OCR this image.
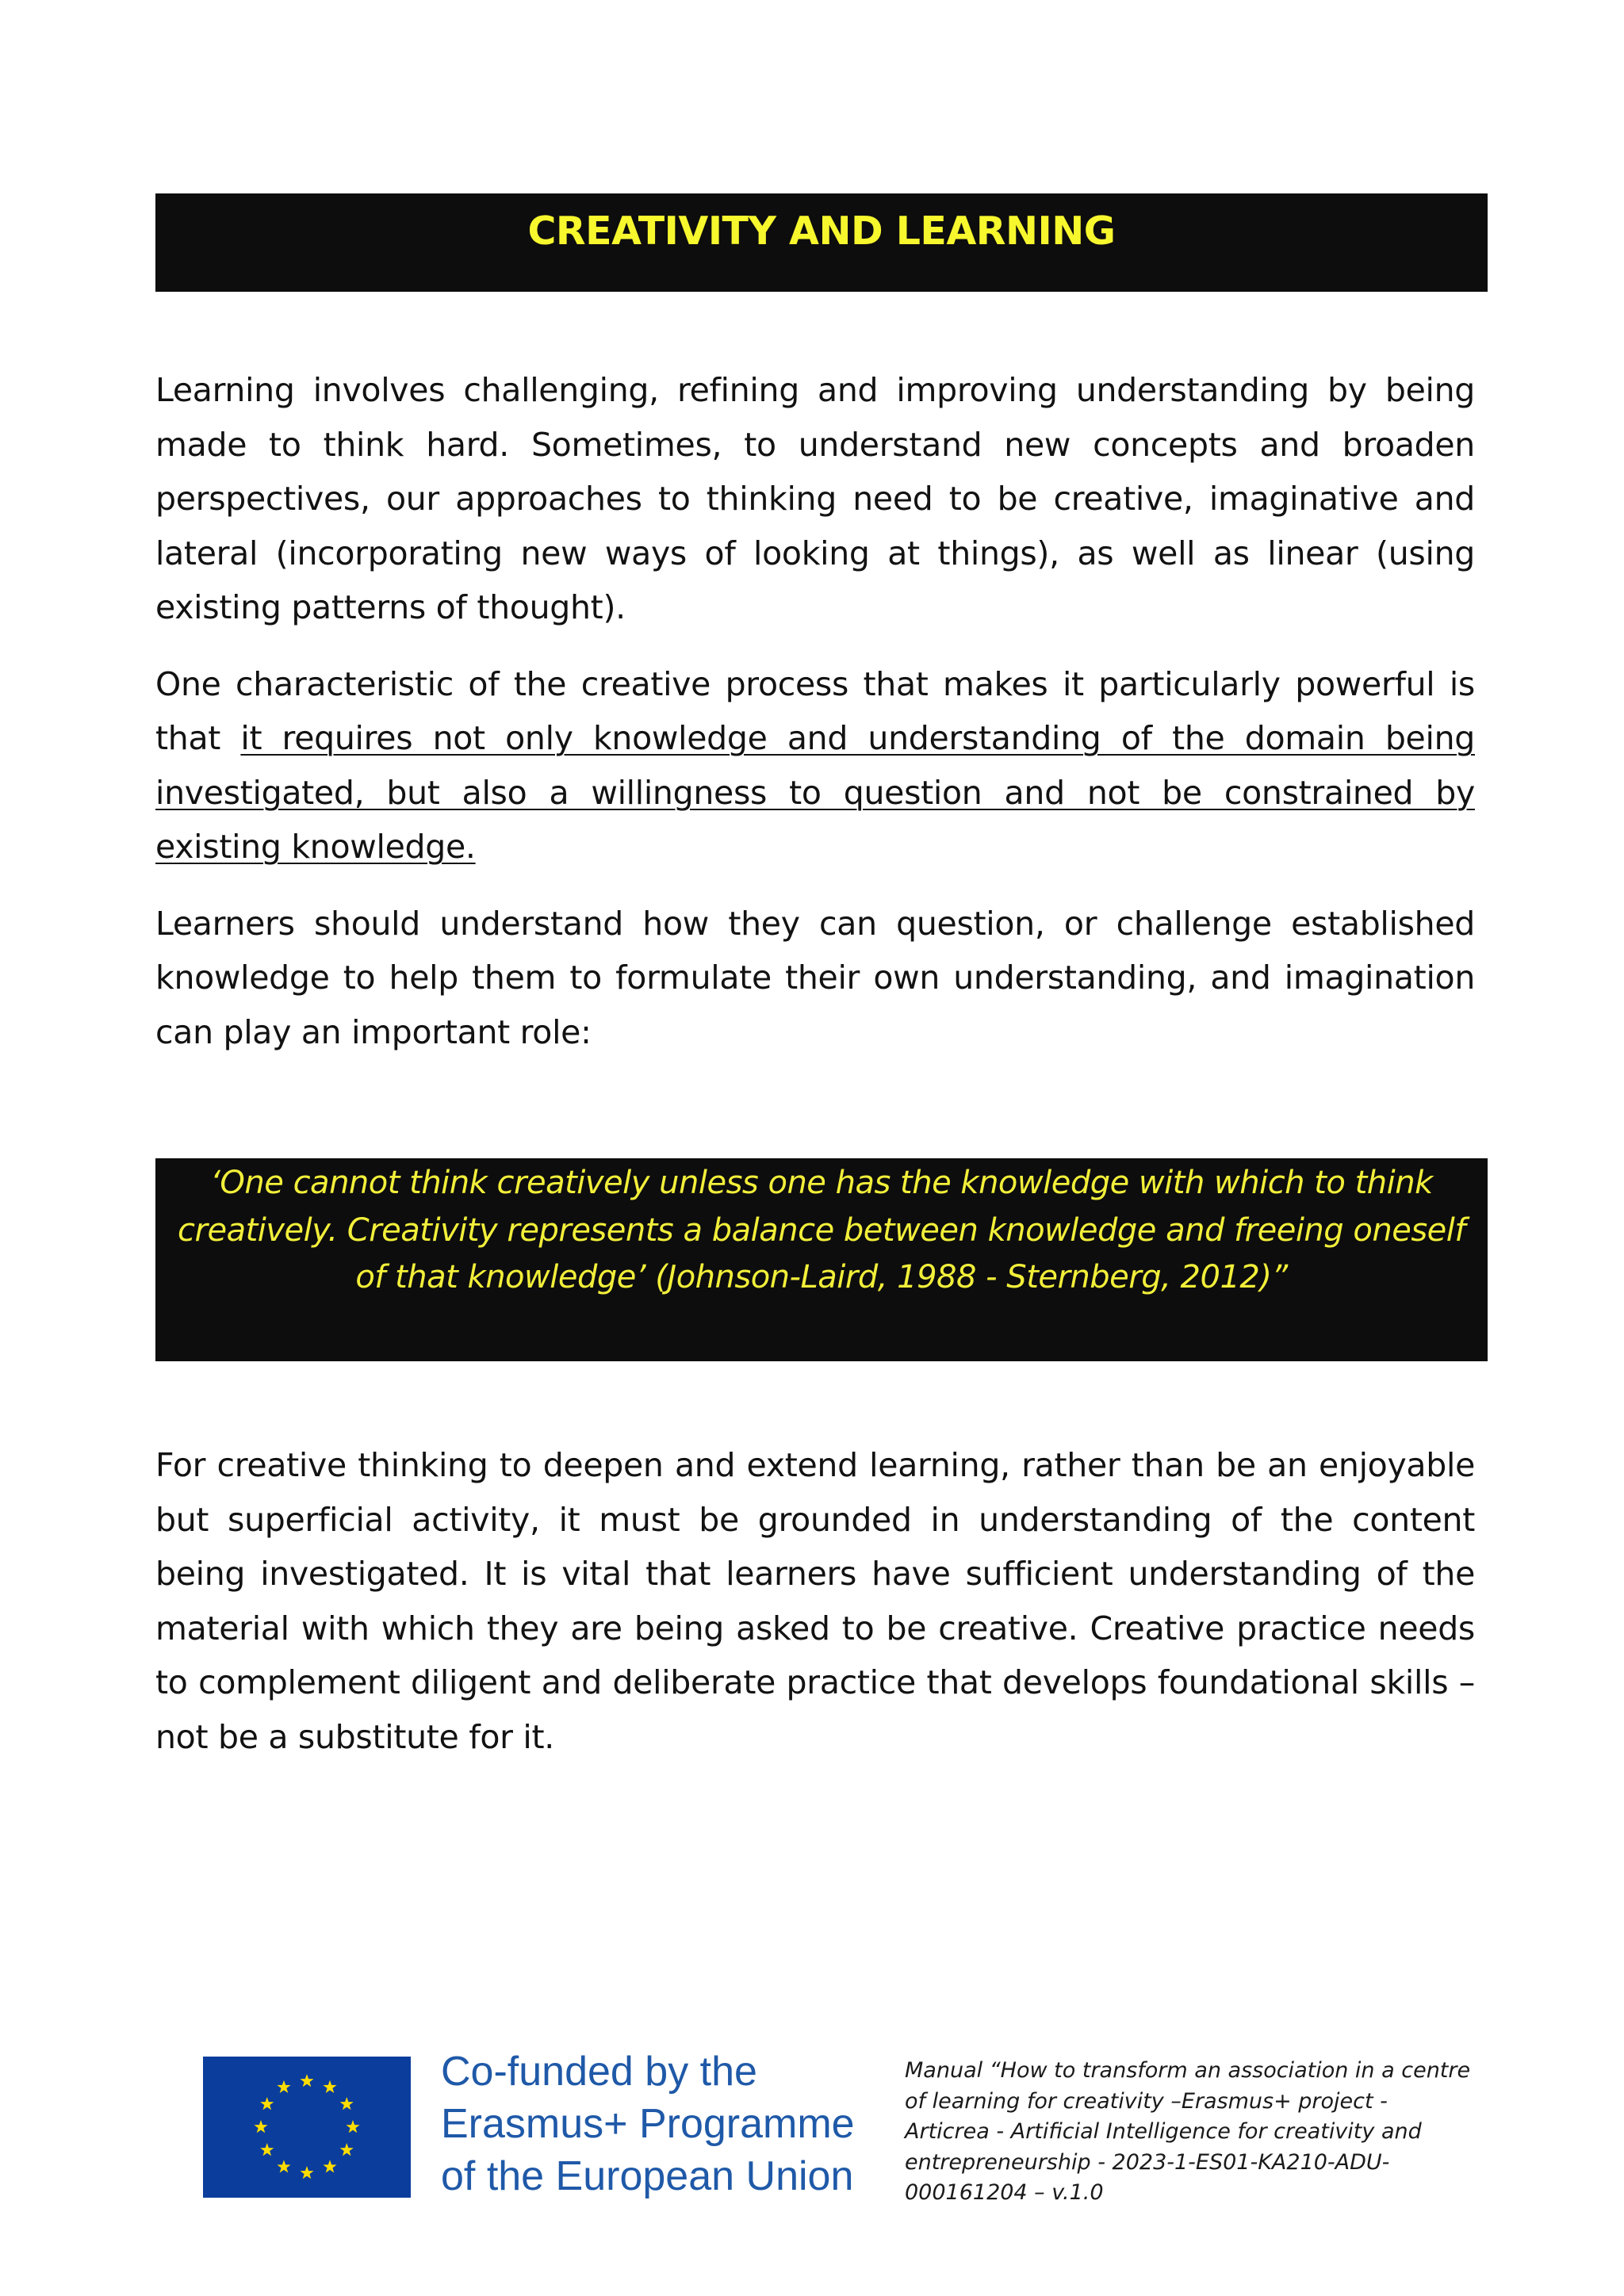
CREATIVITY AND LEARNING

Learning involves challenging, refining and improving understanding by being made to think hard. Sometimes, to understand new concepts and broaden perspectives, our approaches to thinking need to be creative, imaginative and lateral (incorporating new ways of looking at things), as well as linear (using existing patterns of thought).

One characteristic of the creative process that makes it particularly powerful is that it requires not only knowledge and understanding of the domain being investigated, but also a willingness to question and not be constrained by existing knowledge.

Learners should understand how they can question, or challenge established knowledge to help them to formulate their own understanding, and imagination can play an important role:

‘One cannot think creatively unless one has the knowledge with which to think creatively. Creativity represents a balance between knowledge and freeing oneself of that knowledge’ (Johnson-Laird, 1988 - Sternberg, 2012)”

For creative thinking to deepen and extend learning, rather than be an enjoyable but superficial activity, it must be grounded in understanding of the content being investigated. It is vital that learners have sufficient understanding of the material with which they are being asked to be creative. Creative practice needs to complement diligent and deliberate practice that develops foundational skills – not be a substitute for it.

Co-funded by the
Erasmus+ Programme
of the European Union
Manual “How to transform an association in a centre of learning for creativity –Erasmus+ project - Articrea - Artificial Intelligence for creativity and entrepreneurship - 2023-1-ES01-KA210-ADU-000161204 – v.1.0
